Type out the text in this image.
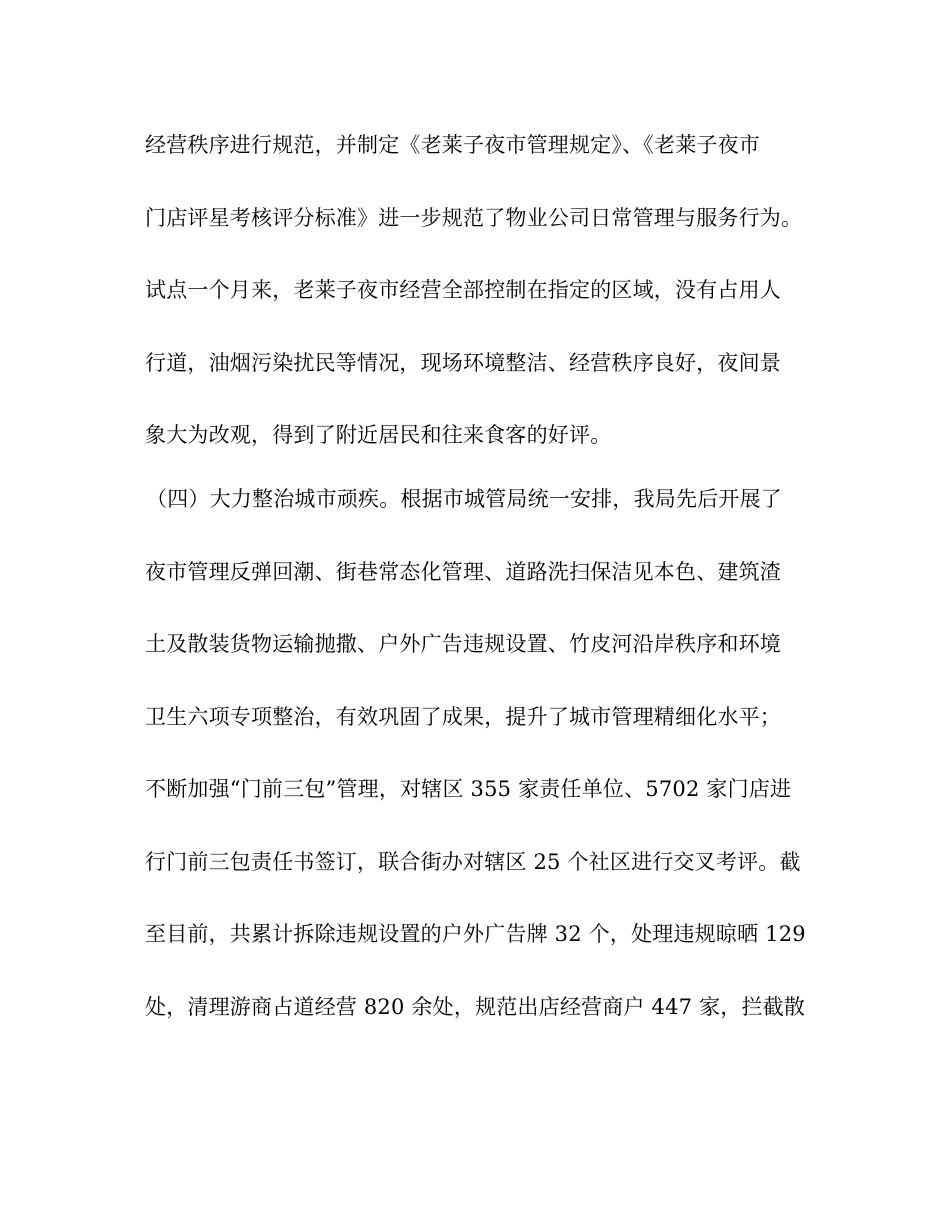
经营秩序进行规范，并制定《老莱子夜市管理规定》、《老莱子夜市
门店评星考核评分标准》进一步规范了物业公司日常管理与服务行为。
试点一个月来，老莱子夜市经营全部控制在指定的区域，没有占用人
行道，油烟污染扰民等情况，现场环境整洁、经营秩序良好，夜间景
象大为改观，得到了附近居民和往来食客的好评。
（四）大力整治城市顽疾。根据市城管局统一安排，我局先后开展了
夜市管理反弹回潮、街巷常态化管理、道路洗扫保洁见本色、建筑渣
土及散装货物运输抛撒、户外广告违规设置、竹皮河沿岸秩序和环境
卫生六项专项整治，有效巩固了成果，提升了城市管理精细化水平；
不断加强“门前三包”管理，对辖区 355 家责任单位、5702 家门店进
行门前三包责任书签订，联合街办对辖区 25 个社区进行交叉考评。截
至目前，共累计拆除违规设置的户外广告牌 32 个，处理违规晾晒 129
处，清理游商占道经营 820 余处，规范出店经营商户 447 家，拦截散
